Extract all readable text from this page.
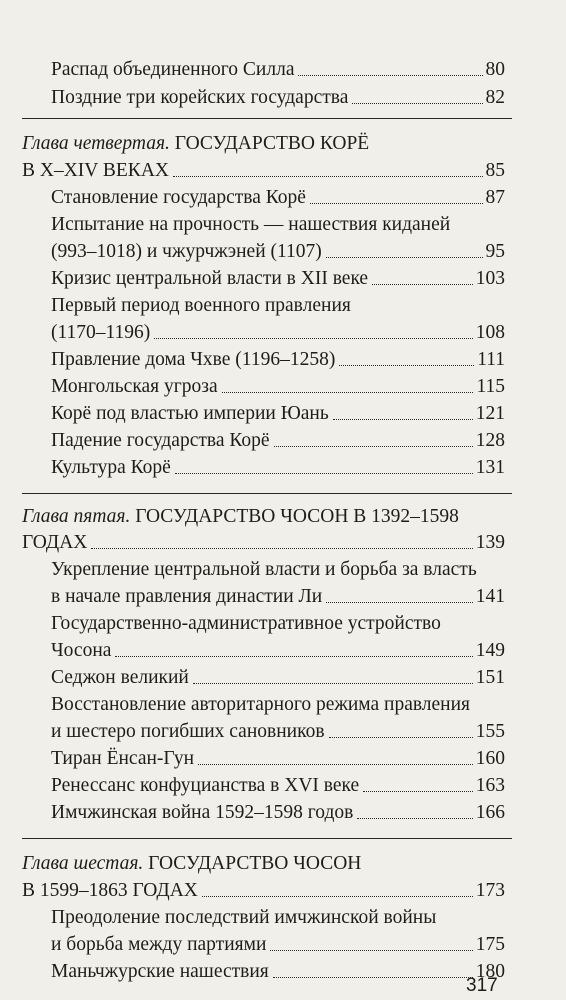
Распад объединенного Силла	80
Поздние три корейских государства	82
Глава четвертая. ГОСУДАРСТВО КОРЁ
В X–XIV ВЕКАХ	85
Становление государства Корё	87
Испытание на прочность — нашествия киданей
(993–1018) и чжурчжэней (1107)	95
Кризис центральной власти в XII веке	103
Первый период военного правления
(1170–1196)	108
Правление дома Чхве (1196–1258)	111
Монгольская угроза	115
Корё под властью империи Юань	121
Падение государства Корё	128
Культура Корё	131
Глава пятая. ГОСУДАРСТВО ЧОСОН В 1392–1598
ГОДАХ	139
Укрепление центральной власти и борьба за власть
в начале правления династии Ли	141
Государственно-административное устройство
Чосона	149
Седжон великий	151
Восстановление авторитарного режима правления
и шестеро погибших сановников	155
Тиран Ёнсан-Гун	160
Ренессанс конфуцианства в XVI веке	163
Имчжинская война 1592–1598 годов	166
Глава шестая. ГОСУДАРСТВО ЧОСОН
В 1599–1863 ГОДАХ	173
Преодоление последствий имчжинской войны
и борьба между партиями	175
Маньчжурские нашествия	180
317
